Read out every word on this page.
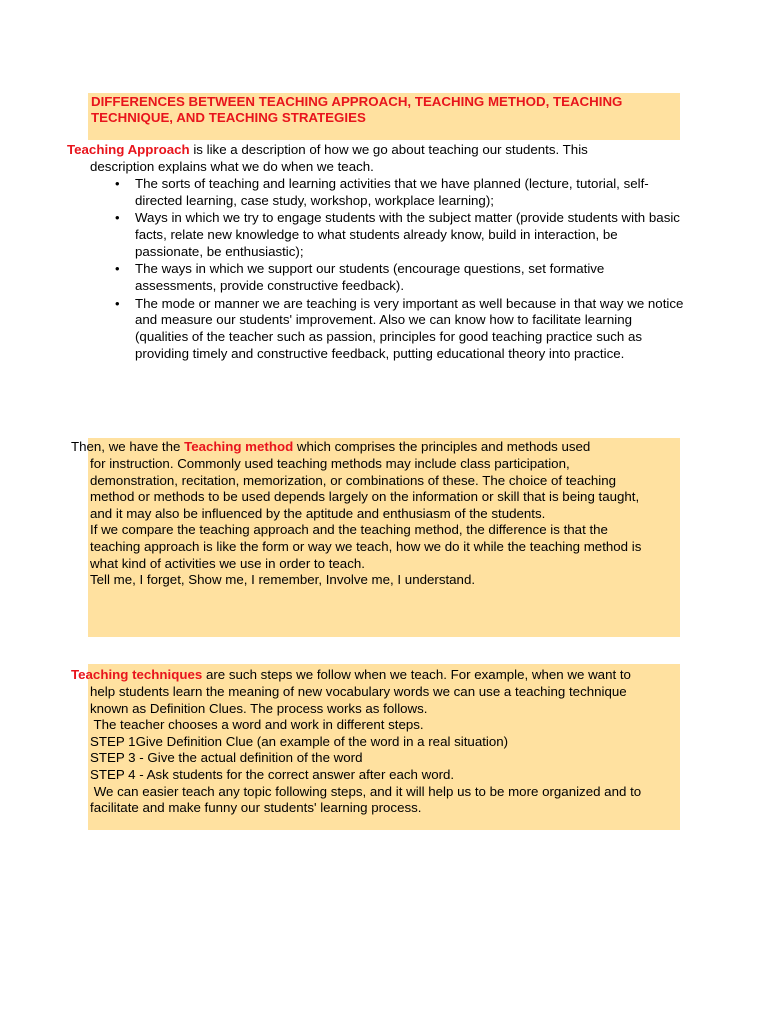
DIFFERENCES BETWEEN TEACHING APPROACH, TEACHING METHOD, TEACHING TECHNIQUE, AND TEACHING STRATEGIES

Teaching Approach is like a description of how we go about teaching our students. This

description explains what we do when we teach.

• The sorts of teaching and learning activities that we have planned (lecture, tutorial, self-directed learning, case study, workshop, workplace learning);
• Ways in which we try to engage students with the subject matter (provide students with basic facts, relate new knowledge to what students already know, build in interaction, be passionate, be enthusiastic);
• The ways in which we support our students (encourage questions, set formative assessments, provide constructive feedback).
• The mode or manner we are teaching is very important as well because in that way we notice and measure our students' improvement. Also we can know how to facilitate learning (qualities of the teacher such as passion, principles for good teaching practice such as providing timely and constructive feedback, putting educational theory into practice.

Then, we have the Teaching method which comprises the principles and methods used

for instruction. Commonly used teaching methods may include class participation,
demonstration, recitation, memorization, or combinations of these. The choice of teaching
method or methods to be used depends largely on the information or skill that is being taught,
and it may also be influenced by the aptitude and enthusiasm of the students.
If we compare the teaching approach and the teaching method, the difference is that the
teaching approach is like the form or way we teach, how we do it while the teaching method is
what kind of activities we use in order to teach.
Tell me, I forget, Show me, I remember, Involve me, I understand.

Teaching techniques are such steps we follow when we teach. For example, when we want to

help students learn the meaning of new vocabulary words we can use a teaching technique
known as Definition Clues. The process works as follows.
The teacher chooses a word and work in different steps.
STEP 1Give Definition Clue (an example of the word in a real situation)
STEP 3 - Give the actual definition of the word
STEP 4 - Ask students for the correct answer after each word.
We can easier teach any topic following steps, and it will help us to be more organized and to
facilitate and make funny our students' learning process.
